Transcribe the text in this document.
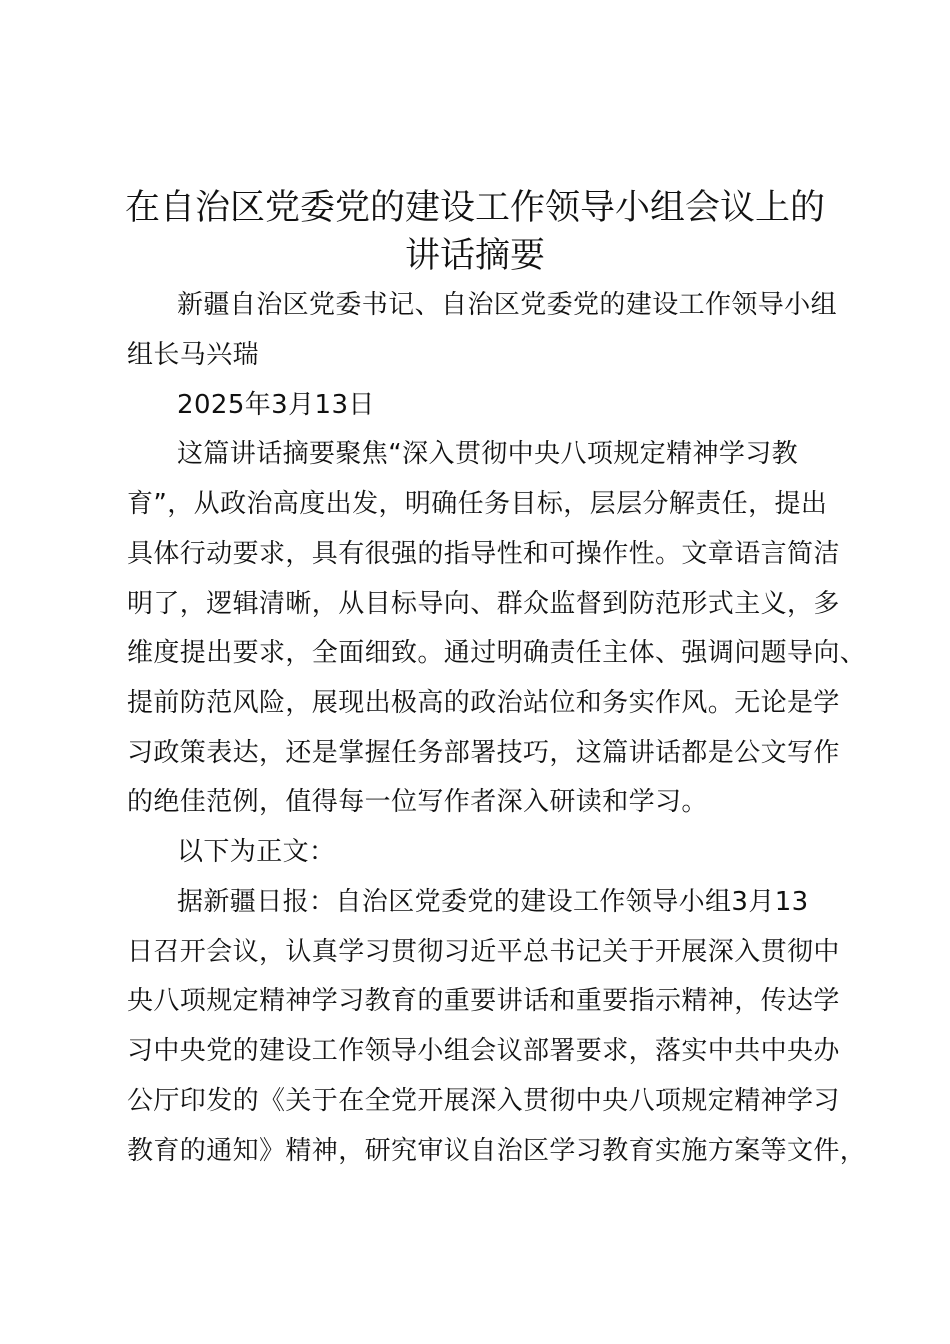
在自治区党委党的建设工作领导小组会议上的
讲话摘要
新疆自治区党委书记、自治区党委党的建设工作领导小组
组长马兴瑞
2025年3月13日
这篇讲话摘要聚焦“深入贯彻中央八项规定精神学习教
育”，从政治高度出发，明确任务目标，层层分解责任，提出
具体行动要求，具有很强的指导性和可操作性。文章语言简洁
明了，逻辑清晰，从目标导向、群众监督到防范形式主义，多
维度提出要求，全面细致。通过明确责任主体、强调问题导向、
提前防范风险，展现出极高的政治站位和务实作风。无论是学
习政策表达，还是掌握任务部署技巧，这篇讲话都是公文写作
的绝佳范例，值得每一位写作者深入研读和学习。
以下为正文：
据新疆日报：自治区党委党的建设工作领导小组3月13
日召开会议，认真学习贯彻习近平总书记关于开展深入贯彻中
央八项规定精神学习教育的重要讲话和重要指示精神，传达学
习中央党的建设工作领导小组会议部署要求，落实中共中央办
公厅印发的《关于在全党开展深入贯彻中央八项规定精神学习
教育的通知》精神，研究审议自治区学习教育实施方案等文件，
